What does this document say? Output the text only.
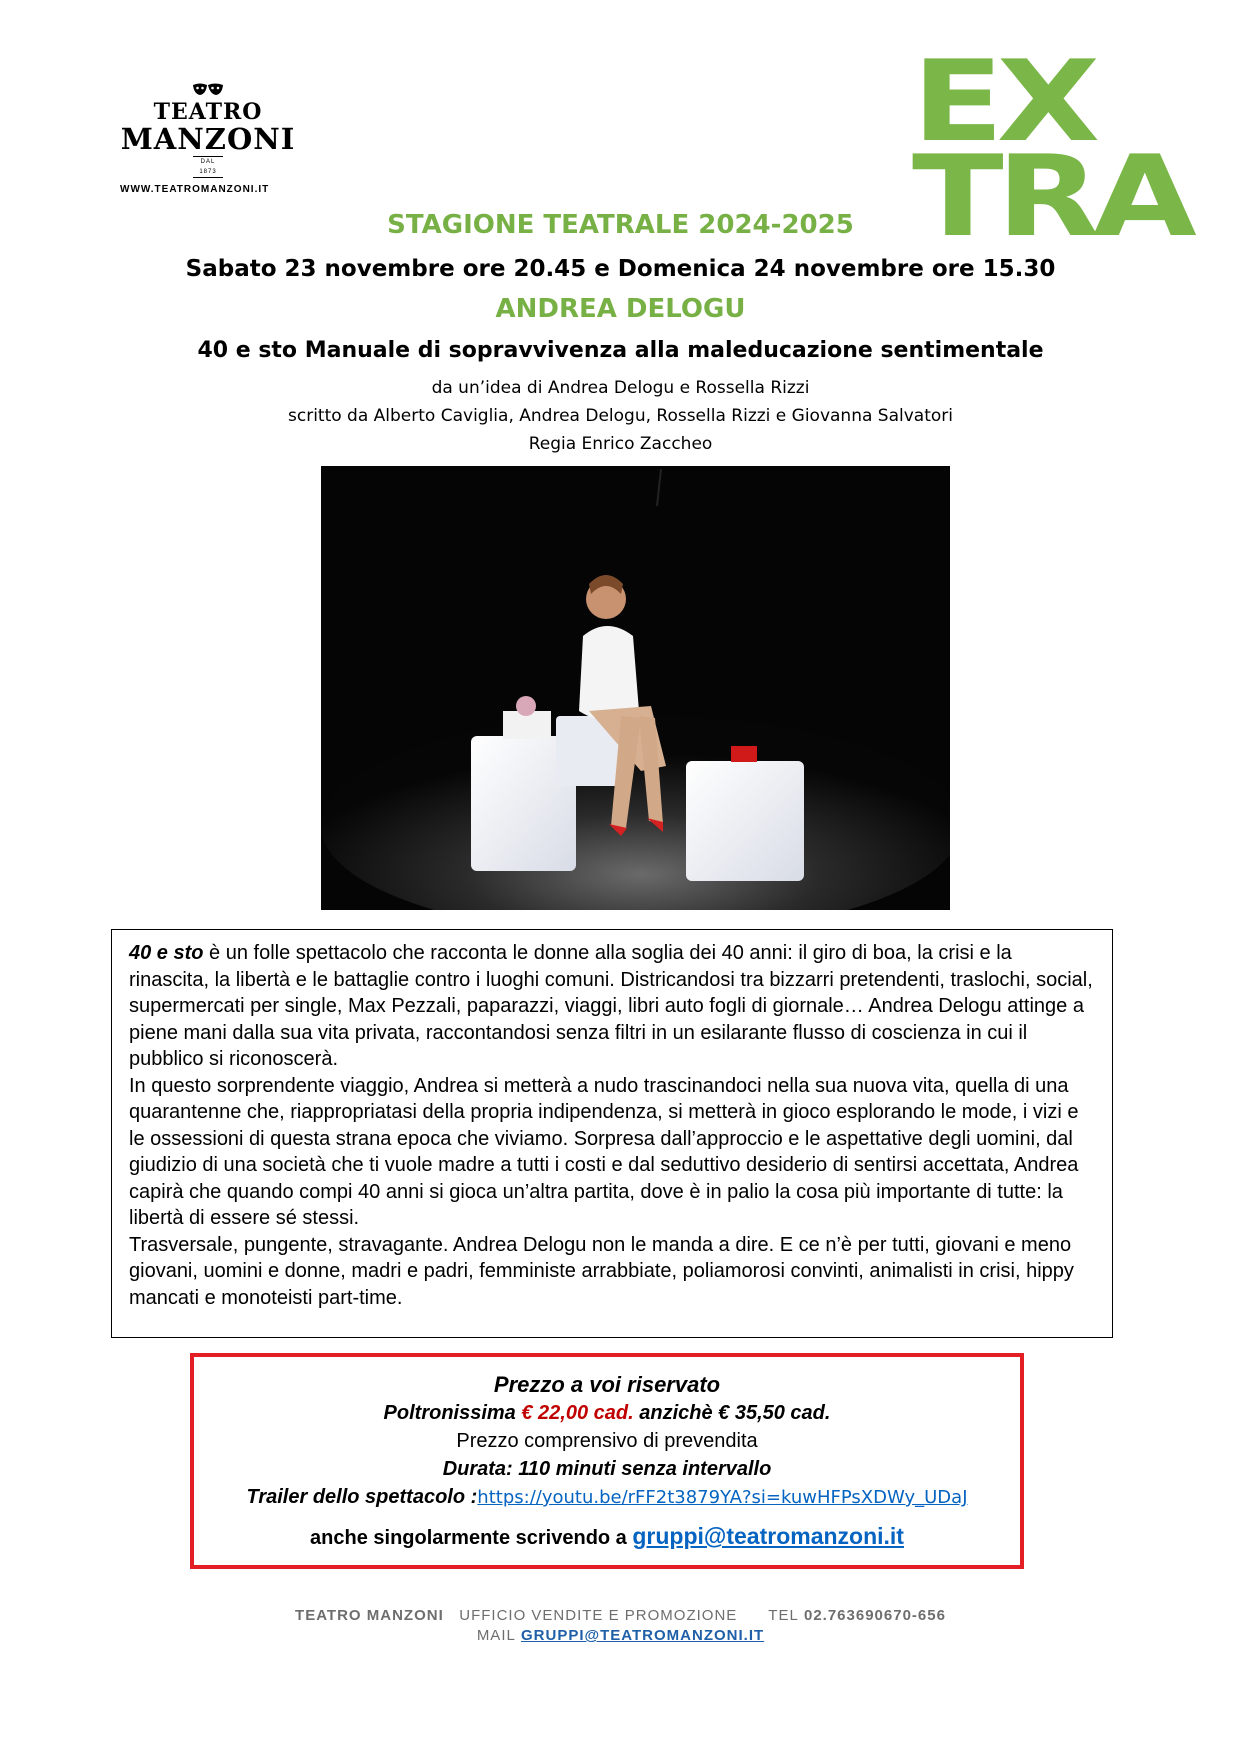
TEATRO
MANZONI
DAL 1873
WWW.TEATROMANZONI.IT
EX
TRA
STAGIONE TEATRALE 2024-2025
Sabato 23 novembre ore 20.45 e Domenica 24 novembre ore 15.30
ANDREA DELOGU
40 e sto Manuale di sopravvivenza alla maleducazione sentimentale
da un’idea di Andrea Delogu e Rossella Rizzi
scritto da Alberto Caviglia, Andrea Delogu, Rossella Rizzi e Giovanna Salvatori
Regia Enrico Zaccheo

40 e sto è un folle spettacolo che racconta le donne alla soglia dei 40 anni: il giro di boa, la crisi e la rinascita, la libertà e le battaglie contro i luoghi comuni. Districandosi tra bizzarri pretendenti, traslochi, social, supermercati per single, Max Pezzali, paparazzi, viaggi, libri auto fogli di giornale… Andrea Delogu attinge a piene mani dalla sua vita privata, raccontandosi senza filtri in un esilarante flusso di coscienza in cui il pubblico si riconoscerà.

In questo sorprendente viaggio, Andrea si metterà a nudo trascinandoci nella sua nuova vita, quella di una quarantenne che, riappropriatasi della propria indipendenza, si metterà in gioco esplorando le mode, i vizi e le ossessioni di questa strana epoca che viviamo. Sorpresa dall’approccio e le aspettative degli uomini, dal giudizio di una società che ti vuole madre a tutti i costi e dal seduttivo desiderio di sentirsi accettata, Andrea capirà che quando compi 40 anni si gioca un’altra partita, dove è in palio la cosa più importante di tutte: la libertà di essere sé stessi.

Trasversale, pungente, stravagante. Andrea Delogu non le manda a dire. E ce n’è per tutti, giovani e meno giovani, uomini e donne, madri e padri, femministe arrabbiate, poliamorosi convinti, animalisti in crisi, hippy mancati e monoteisti part-time.

Prezzo a voi riservato
Poltronissima € 22,00 cad. anzichè € 35,50 cad.
Prezzo comprensivo di prevendita
Durata: 110 minuti senza intervallo
Trailer dello spettacolo :https://youtu.be/rFF2t3879YA?si=kuwHFPsXDWy_UDaJ
anche singolarmente scrivendo a gruppi@teatromanzoni.it
TEATRO MANZONI UFFICIO VENDITE E PROMOZIONE TEL 02.763690670-656
MAIL GRUPPI@TEATROMANZONI.IT
